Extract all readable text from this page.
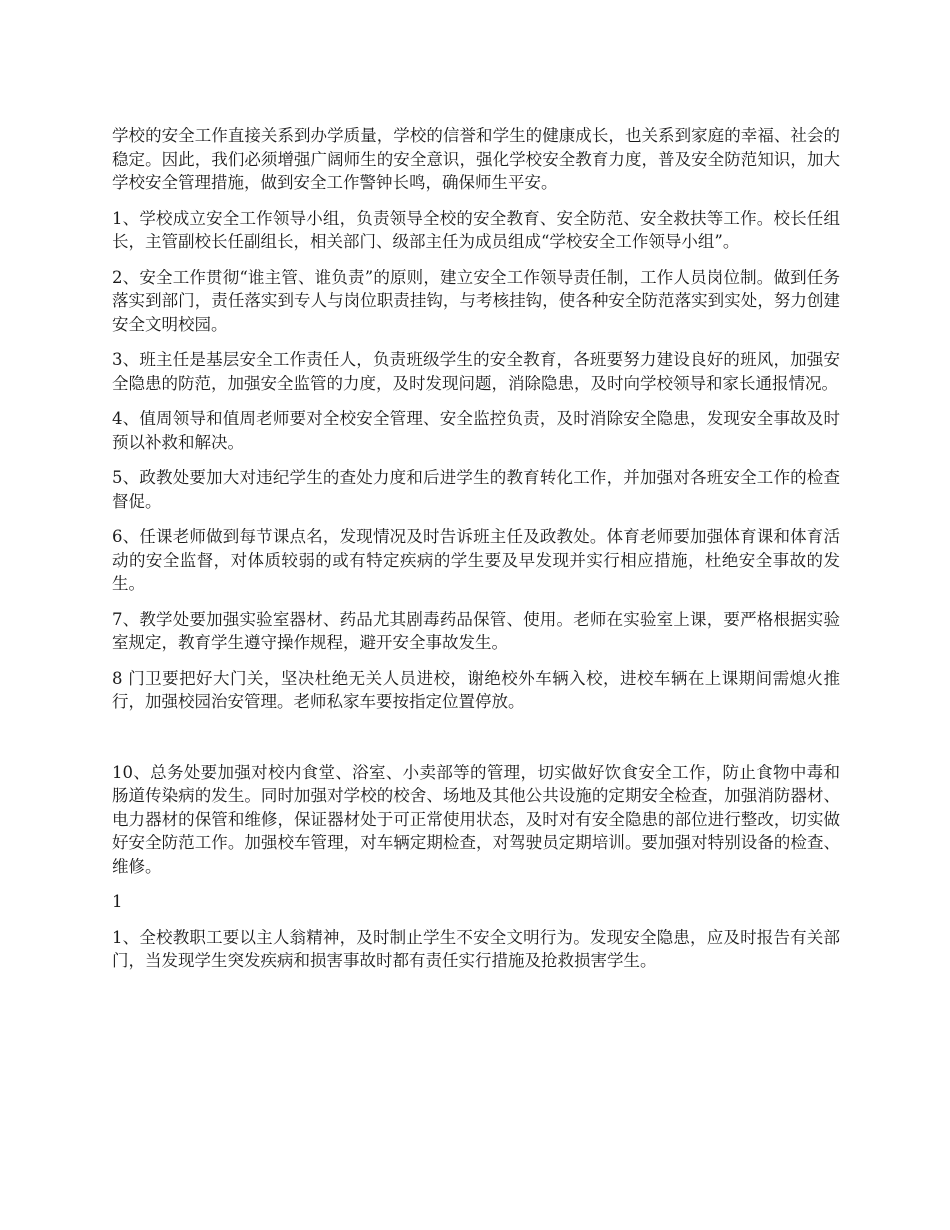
学校的安全工作直接关系到办学质量，学校的信誉和学生的健康成长，也关系到家庭的幸福、社会的稳定。因此，我们必须增强广阔师生的安全意识，强化学校安全教育力度，普及安全防范知识，加大学校安全管理措施，做到安全工作警钟长鸣，确保师生平安。

1、学校成立安全工作领导小组，负责领导全校的安全教育、安全防范、安全救扶等工作。校长任组长，主管副校长任副组长，相关部门、级部主任为成员组成“学校安全工作领导小组”。

2、安全工作贯彻“谁主管、谁负责”的原则，建立安全工作领导责任制，工作人员岗位制。做到任务落实到部门，责任落实到专人与岗位职责挂钩，与考核挂钩，使各种安全防范落实到实处，努力创建安全文明校园。

3、班主任是基层安全工作责任人，负责班级学生的安全教育，各班要努力建设良好的班风，加强安全隐患的防范，加强安全监管的力度，及时发现问题，消除隐患，及时向学校领导和家长通报情况。

4、值周领导和值周老师要对全校安全管理、安全监控负责，及时消除安全隐患，发现安全事故及时预以补救和解决。

5、政教处要加大对违纪学生的查处力度和后进学生的教育转化工作，并加强对各班安全工作的检查督促。

6、任课老师做到每节课点名，发现情况及时告诉班主任及政教处。体育老师要加强体育课和体育活动的安全监督，对体质较弱的或有特定疾病的学生要及早发现并实行相应措施，杜绝安全事故的发生。

7、教学处要加强实验室器材、药品尤其剧毒药品保管、使用。老师在实验室上课，要严格根据实验室规定，教育学生遵守操作规程，避开安全事故发生。

8 门卫要把好大门关，坚决杜绝无关人员进校，谢绝校外车辆入校，进校车辆在上课期间需熄火推行，加强校园治安管理。老师私家车要按指定位置停放。

10、总务处要加强对校内食堂、浴室、小卖部等的管理，切实做好饮食安全工作，防止食物中毒和肠道传染病的发生。同时加强对学校的校舍、场地及其他公共设施的定期安全检查，加强消防器材、电力器材的保管和维修，保证器材处于可正常使用状态，及时对有安全隐患的部位进行整改，切实做好安全防范工作。加强校车管理，对车辆定期检查，对驾驶员定期培训。要加强对特别设备的检查、维修。

1

1、全校教职工要以主人翁精神，及时制止学生不安全文明行为。发现安全隐患，应及时报告有关部门，当发现学生突发疾病和损害事故时都有责任实行措施及抢救损害学生。
